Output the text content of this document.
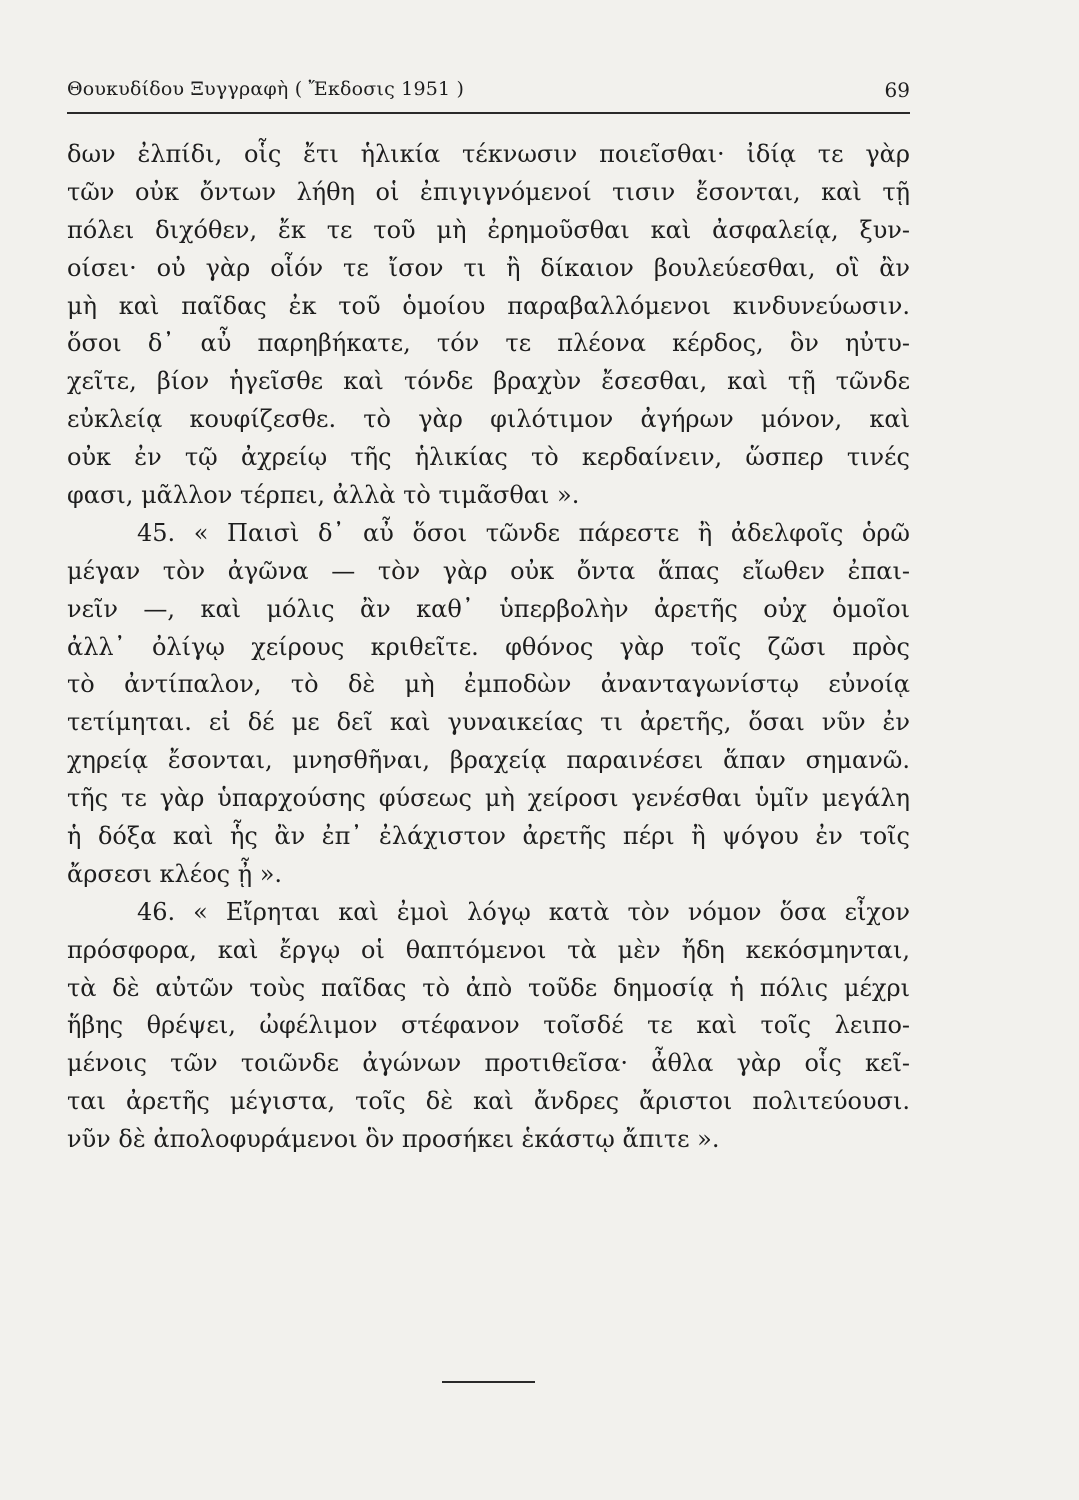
Θουκυδίδου Ξυγγραφὴ ( Ἔκδοσις 1951 )	69
δων ἐλπίδι, οἷς ἔτι ἡλικία τέκνωσιν ποιεῖσθαι· ἰδίᾳ τε γὰρ
τῶν οὐκ ὄντων λήθη οἱ ἐπιγιγνόμενοί τισιν ἔσονται, καὶ τῇ
πόλει διχόθεν, ἔκ τε τοῦ μὴ ἐρημοῦσθαι καὶ ἀσφαλείᾳ, ξυν-
οίσει· οὐ γὰρ οἷόν τε ἴσον τι ἢ δίκαιον βουλεύεσθαι, οἳ ἂν
μὴ καὶ παῖδας ἐκ τοῦ ὁμοίου παραβαλλόμενοι κινδυνεύωσιν.
ὅσοι δ᾽ αὖ παρηβήκατε, τόν τε πλέονα κέρδος, ὃν ηὐτυ-
χεῖτε, βίον ἡγεῖσθε καὶ τόνδε βραχὺν ἔσεσθαι, καὶ τῇ τῶνδε
εὐκλείᾳ κουφίζεσθε. τὸ γὰρ φιλότιμον ἀγήρων μόνον, καὶ
οὐκ ἐν τῷ ἀχρείῳ τῆς ἡλικίας τὸ κερδαίνειν, ὥσπερ τινές
φασι, μᾶλλον τέρπει, ἀλλὰ τὸ τιμᾶσθαι ».
45. « Παισὶ δ᾽ αὖ ὅσοι τῶνδε πάρεστε ἢ ἀδελφοῖς ὁρῶ
μέγαν τὸν ἀγῶνα — τὸν γὰρ οὐκ ὄντα ἅπας εἴωθεν ἐπαι-
νεῖν —, καὶ μόλις ἂν καθ᾽ ὑπερβολὴν ἀρετῆς οὐχ ὁμοῖοι
ἀλλ᾽ ὀλίγῳ χείρους κριθεῖτε. φθόνος γὰρ τοῖς ζῶσι πρὸς
τὸ ἀντίπαλον, τὸ δὲ μὴ ἐμποδὼν ἀνανταγωνίστῳ εὐνοίᾳ
τετίμηται. εἰ δέ με δεῖ καὶ γυναικείας τι ἀρετῆς, ὅσαι νῦν ἐν
χηρείᾳ ἔσονται, μνησθῆναι, βραχείᾳ παραινέσει ἅπαν σημανῶ.
τῆς τε γὰρ ὑπαρχούσης φύσεως μὴ χείροσι γενέσθαι ὑμῖν μεγάλη
ἡ δόξα καὶ ἧς ἂν ἐπ᾽ ἐλάχιστον ἀρετῆς πέρι ἢ ψόγου ἐν τοῖς
ἄρσεσι κλέος ᾖ ».
46. « Εἴρηται καὶ ἐμοὶ λόγῳ κατὰ τὸν νόμον ὅσα εἶχον
πρόσφορα, καὶ ἔργῳ οἱ θαπτόμενοι τὰ μὲν ἤδη κεκόσμηνται,
τὰ δὲ αὐτῶν τοὺς παῖδας τὸ ἀπὸ τοῦδε δημοσίᾳ ἡ πόλις μέχρι
ἥβης θρέψει, ὠφέλιμον στέφανον τοῖσδέ τε καὶ τοῖς λειπο-
μένοις τῶν τοιῶνδε ἀγώνων προτιθεῖσα· ἆθλα γὰρ οἷς κεῖ-
ται ἀρετῆς μέγιστα, τοῖς δὲ καὶ ἄνδρες ἄριστοι πολιτεύουσι.
νῦν δὲ ἀπολοφυράμενοι ὃν προσήκει ἑκάστῳ ἄπιτε ».
